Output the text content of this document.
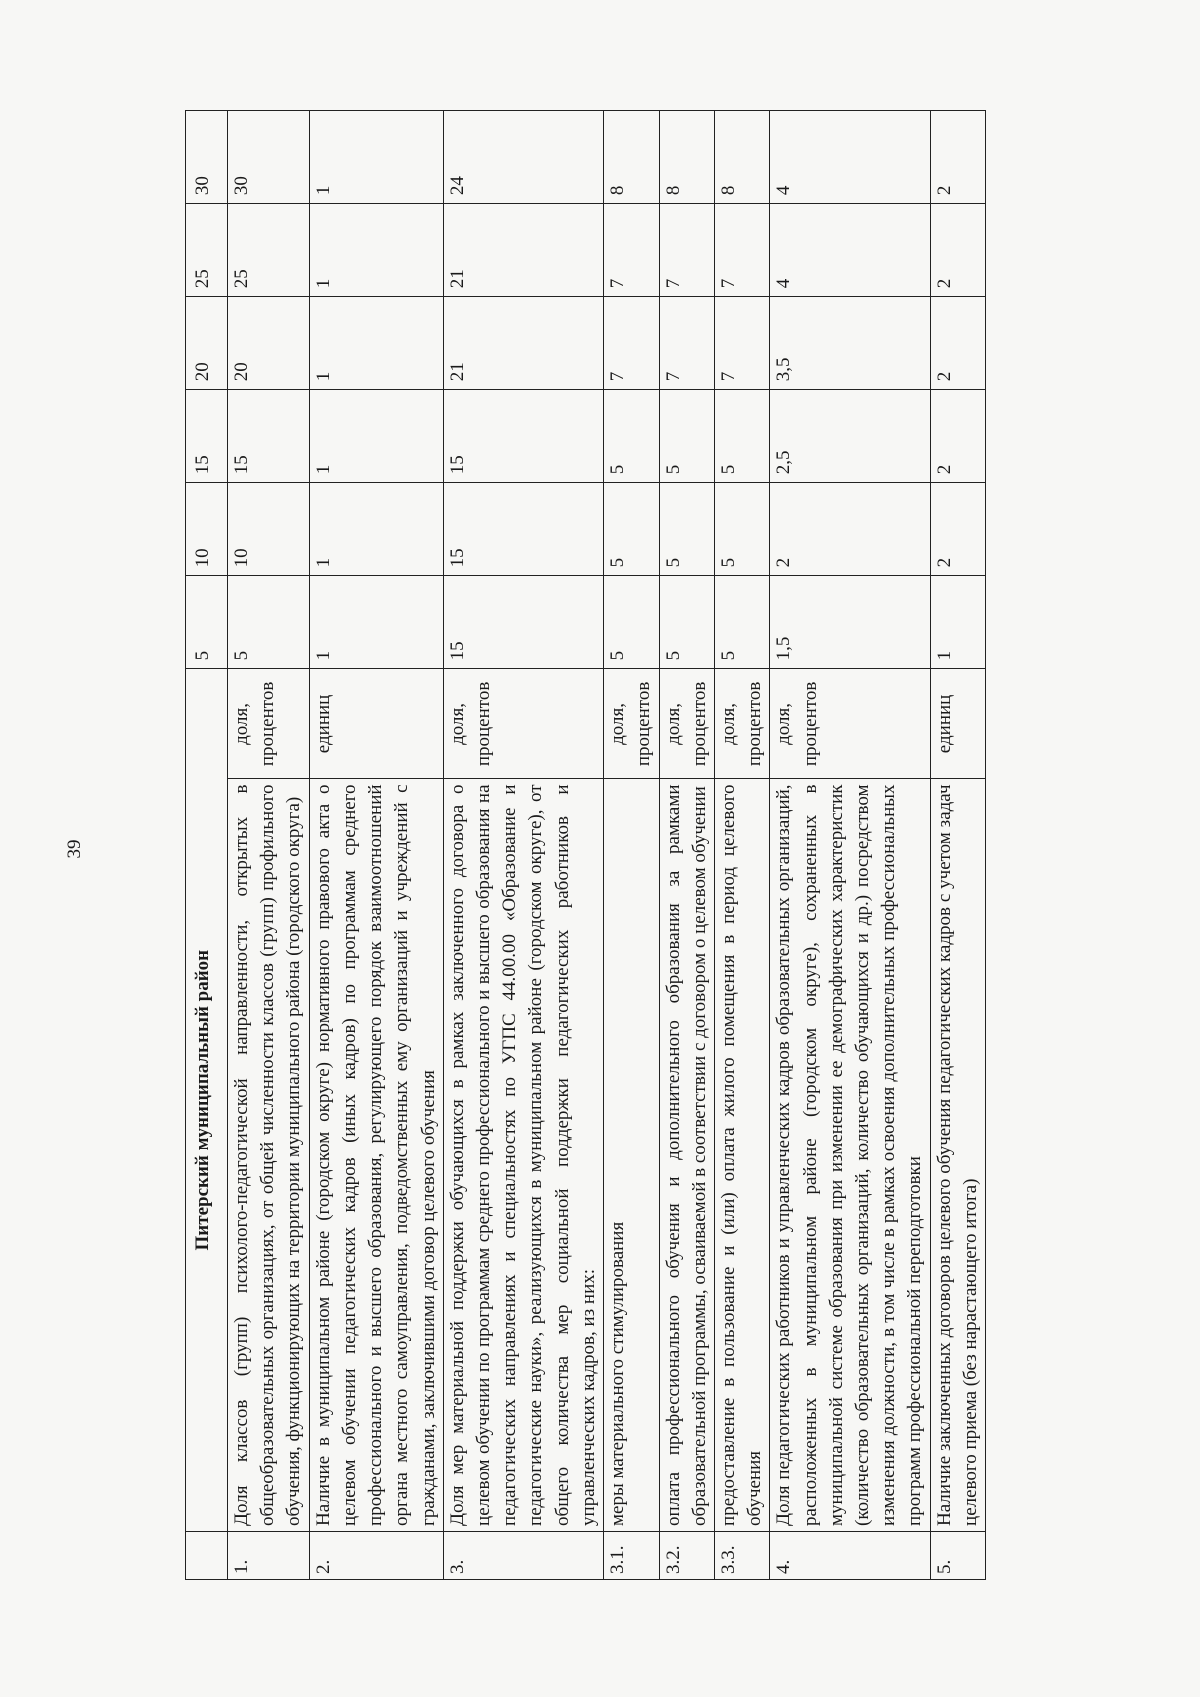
39
	Питерский муниципальный район		5	10	15	20	25	30
1.	Доля классов (групп) психолого-педагогической направленности, открытых в общеобразовательных организациях, от общей численности классов (групп) профильного обучения, функционирующих на территории муниципального района (городского округа)	доля, процентов	5	10	15	20	25	30
2.	Наличие в муниципальном районе (городском округе) нормативного правового акта о целевом обучении педагогических кадров (иных кадров) по программам среднего профессионального и высшего образования, регулирующего порядок взаимоотношений органа местного самоуправления, подведомственных ему организаций и учреждений с гражданами, заключившими договор целевого обучения	единиц	1	1	1	1	1	1
3.	Доля мер материальной поддержки обучающихся в рамках заключенного договора о целевом обучении по программам среднего профессионального и высшего образования на педагогических направлениях и специальностях по УГПС 44.00.00 «Образование и педагогические науки», реализующихся в муниципальном районе (городском округе), от общего количества мер социальной поддержки педагогических работников и управленческих кадров, из них:	доля, процентов	15	15	15	21	21	24
3.1.	меры материального стимулирования	доля, процентов	5	5	5	7	7	8
3.2.	оплата профессионального обучения и дополнительного образования за рамками образовательной программы, осваиваемой в соответствии с договором о целевом обучении	доля, процентов	5	5	5	7	7	8
3.3.	предоставление в пользование и (или) оплата жилого помещения в период целевого обучения	доля, процентов	5	5	5	7	7	8
4.	Доля педагогических работников и управленческих кадров образовательных организаций, расположенных в муниципальном районе (городском округе), сохраненных в муниципальной системе образования при изменении ее демографических характеристик (количество образовательных организаций, количество обучающихся и др.) посредством изменения должности, в том числе в рамках освоения дополнительных профессиональных программ профессиональной переподготовки	доля, процентов	1,5	2	2,5	3,5	4	4
5.	Наличие заключенных договоров целевого обучения педагогических кадров с учетом задач целевого приема (без нарастающего итога)	единиц	1	2	2	2	2	2
